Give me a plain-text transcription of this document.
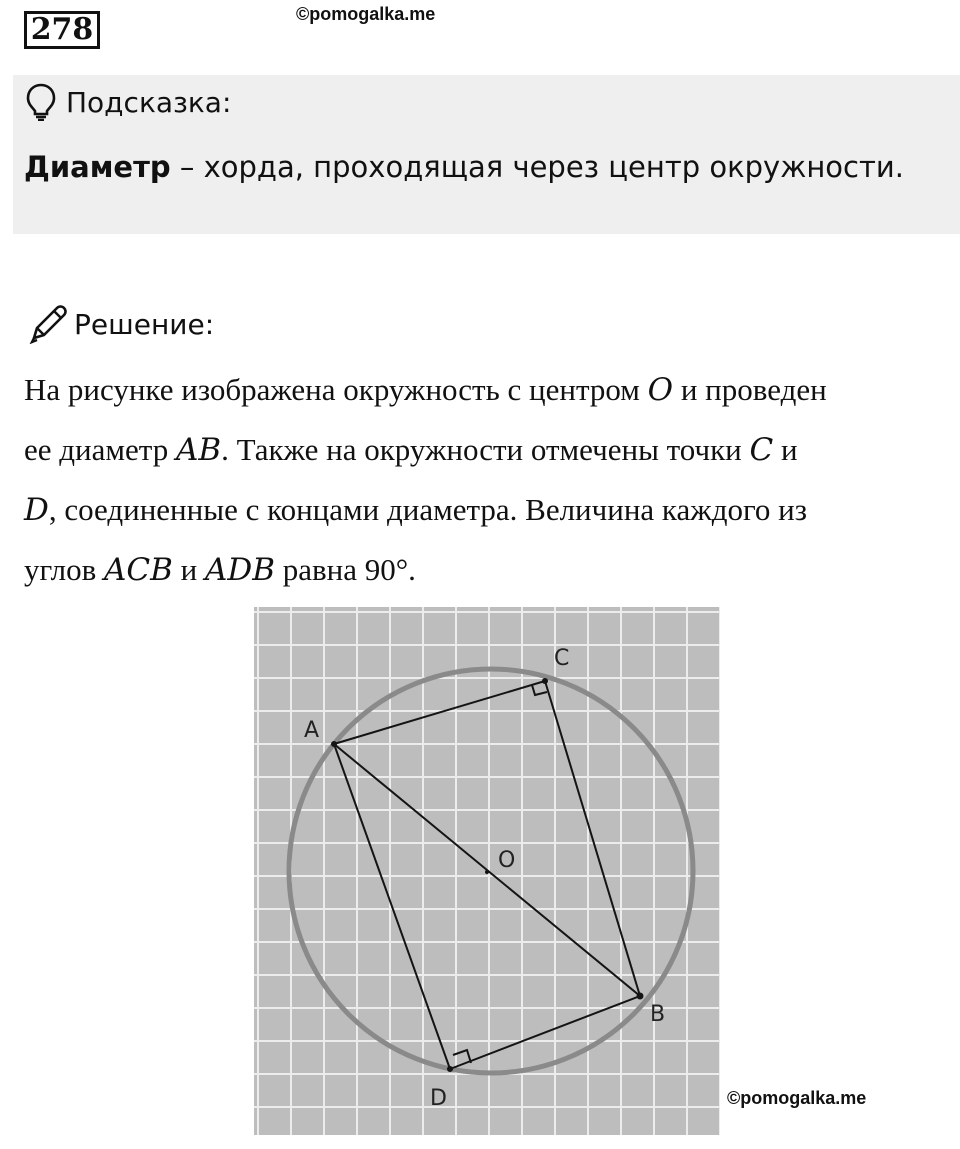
278	©pomogalka.me
Подсказка:
Диаметр – хорда, проходящая через центр окружности.
Решение:

На рисунке изображена окружность с центром O и проведен

ее диаметр AB. Также на окружности отмечены точки C и

D, соединенные с концами диаметра. Величина каждого из

углов ACB и ADB равна 90°.

A
C
O
B
D	©pomogalka.me
